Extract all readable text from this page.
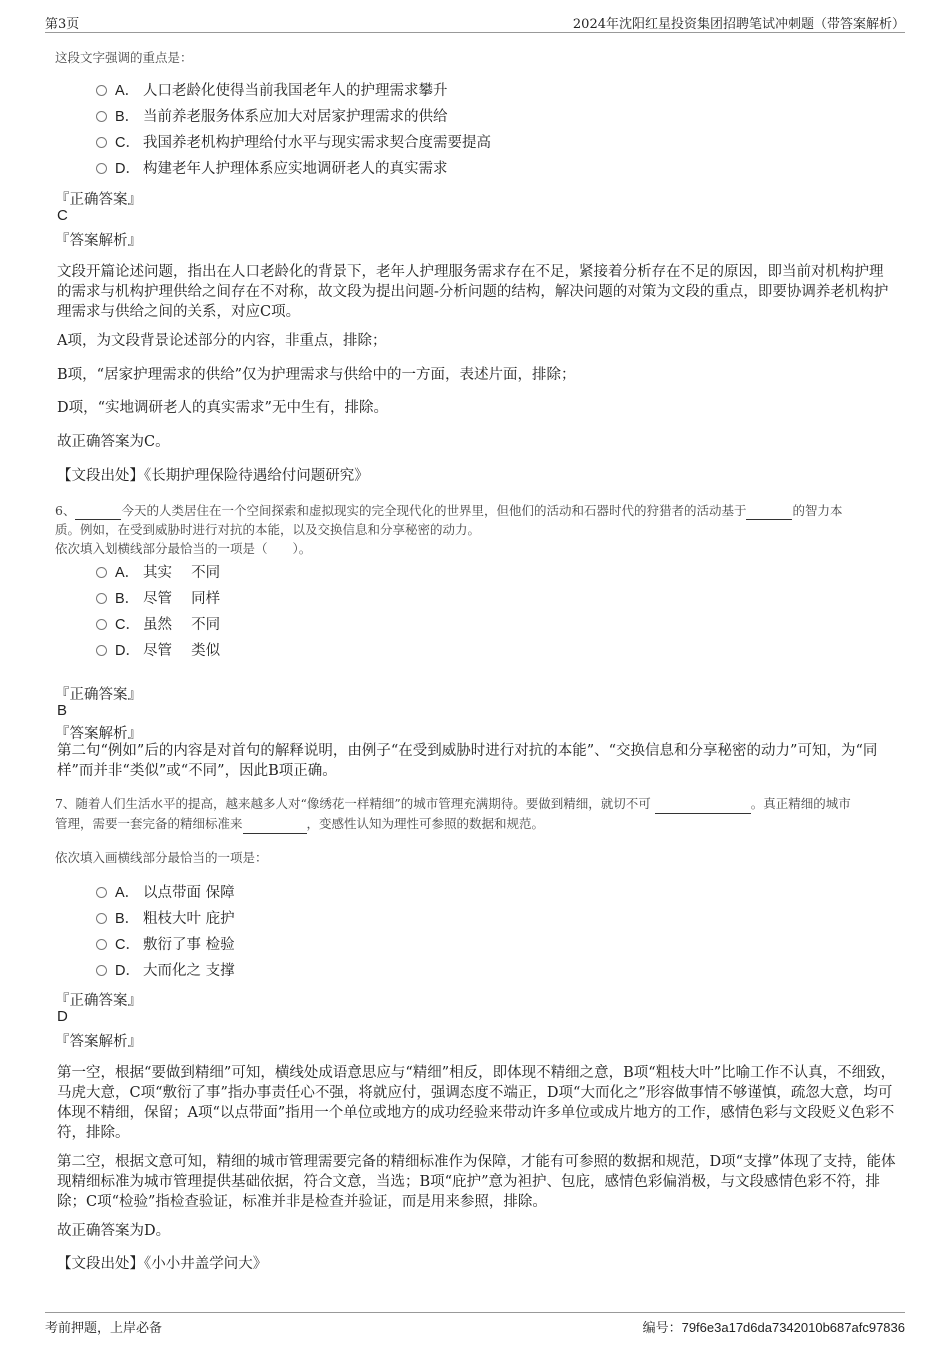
第3页	2024年沈阳红星投资集团招聘笔试冲刺题（带答案解析）
这段文字强调的重点是：
A． 人口老龄化使得当前我国老年人的护理需求攀升
B． 当前养老服务体系应加大对居家护理需求的供给
C． 我国养老机构护理给付水平与现实需求契合度需要提高
D． 构建老年人护理体系应实地调研老人的真实需求
『正确答案』
C
『答案解析』
文段开篇论述问题，指出在人口老龄化的背景下，老年人护理服务需求存在不足，紧接着分析存在不足的原因，即当前对机构护理的需求与机构护理供给之间存在不对称，故文段为提出问题-分析问题的结构，解决问题的对策为文段的重点，即要协调养老机构护理需求与供给之间的关系，对应C项。
A项，为文段背景论述部分的内容，非重点，排除；
B项，“居家护理需求的供给”仅为护理需求与供给中的一方面，表述片面，排除；
D项，“实地调研老人的真实需求”无中生有，排除。
故正确答案为C。
【文段出处】《长期护理保险待遇给付问题研究》
6、	今天的人类居住在一个空间探索和虚拟现实的完全现代化的世界里，但他们的活动和石器时代的狩猎者的活动基于	的智力本
质。例如，在受到威胁时进行对抗的本能，以及交换信息和分享秘密的动力。
依次填入划横线部分最恰当的一项是（　　）。
A． 其实　 不同
B． 尽管　 同样
C． 虽然　 不同
D． 尽管　 类似
『正确答案』
B
『答案解析』
第二句“例如”后的内容是对首句的解释说明，由例子“在受到威胁时进行对抗的本能”、“交换信息和分享秘密的动力”可知，为“同样”而并非“类似”或“不同”，因此B项正确。
7、随着人们生活水平的提高，越来越多人对“像绣花一样精细”的城市管理充满期待。要做到精细，就切不可	。真正精细的城市
管理，需要一套完备的精细标准来	，变感性认知为理性可参照的数据和规范。
依次填入画横线部分最恰当的一项是：
A． 以点带面 保障
B． 粗枝大叶 庇护
C． 敷衍了事 检验
D． 大而化之 支撑
『正确答案』
D
『答案解析』
第一空，根据“要做到精细”可知，横线处成语意思应与“精细”相反，即体现不精细之意，B项“粗枝大叶”比喻工作不认真，不细致，马虎大意，C项“敷衍了事”指办事责任心不强，将就应付，强调态度不端正，D项“大而化之”形容做事情不够谨慎，疏忽大意，均可体现不精细，保留；A项“以点带面”指用一个单位或地方的成功经验来带动许多单位或成片地方的工作，感情色彩与文段贬义色彩不符，排除。
第二空，根据文意可知，精细的城市管理需要完备的精细标准作为保障，才能有可参照的数据和规范，D项“支撑”体现了支持，能体现精细标准为城市管理提供基础依据，符合文意，当选；B项“庇护”意为袒护、包庇，感情色彩偏消极，与文段感情色彩不符，排除；C项“检验”指检查验证，标准并非是检查并验证，而是用来参照，排除。
故正确答案为D。
【文段出处】《小小井盖学问大》
考前押题，上岸必备	编号：79f6e3a17d6da7342010b687afc97836
